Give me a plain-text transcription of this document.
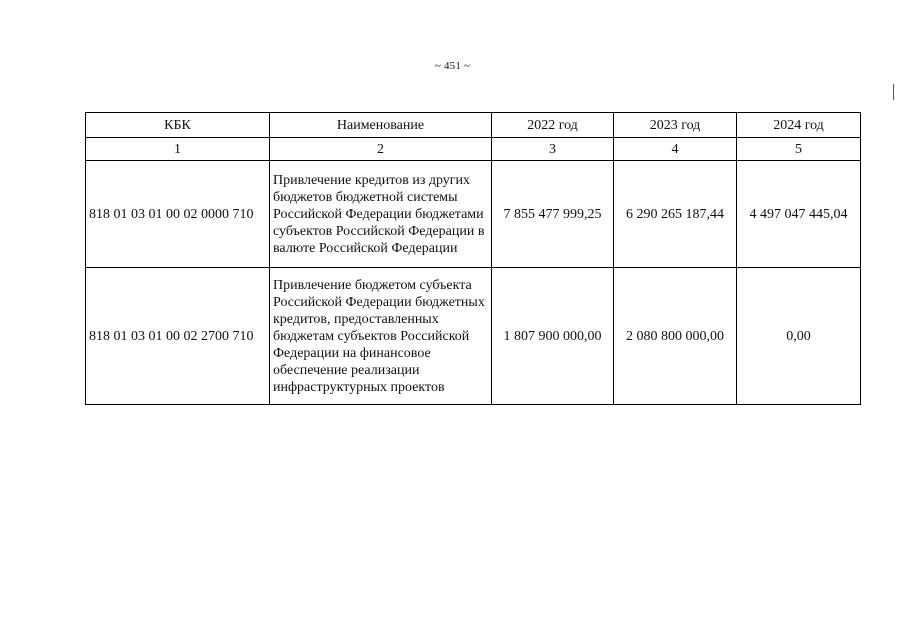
~ 451 ~
КБК	Наименование	2022 год	2023 год	2024 год
1	2	3	4	5
818 01 03 01 00 02 0000 710	Привлечение кредитов из других бюджетов бюджетной системы Российской Федерации бюджетами субъектов Российской Федерации в валюте Российской Федерации	7 855 477 999,25	6 290 265 187,44	4 497 047 445,04
818 01 03 01 00 02 2700 710	Привлечение бюджетом субъекта Российской Федерации бюджетных кредитов, предоставленных бюджетам субъектов Российской Федерации на финансовое обеспечение реализации инфраструктурных проектов	1 807 900 000,00	2 080 800 000,00	0,00
